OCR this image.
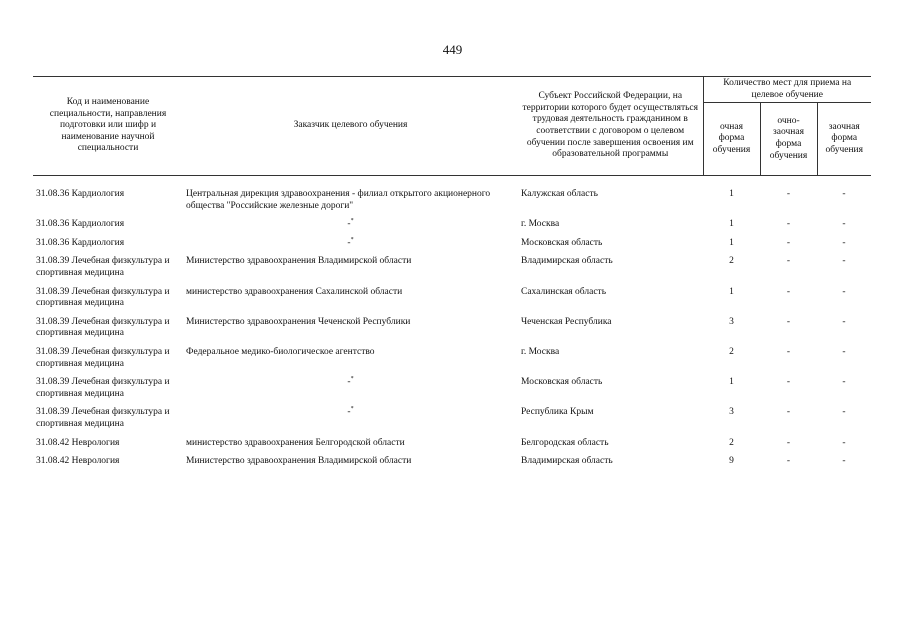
449
Код и наименование специальности, направления подготовки или шифр и наименование научной специальности	Заказчик целевого обучения	Субъект Российской Федерации, на территории которого будет осуществляться трудовая деятельность гражданином в соответствии с договором о целевом обучении после завершения освоения им образовательной программы	Количество мест для приема на целевое обучение		
			очная форма обучения	очно-заочная форма обучения	заочная форма обучения
31.08.36 Кардиология	Центральная дирекция здравоохранения - филиал открытого акционерного общества "Российские железные дороги"	Калужская область	1	-	-
31.08.36 Кардиология	-*	г. Москва	1	-	-
31.08.36 Кардиология	-*	Московская область	1	-	-
31.08.39 Лечебная физкультура и спортивная медицина	Министерство здравоохранения Владимирской области	Владимирская область	2	-	-
31.08.39 Лечебная физкультура и спортивная медицина	министерство здравоохранения Сахалинской области	Сахалинская область	1	-	-
31.08.39 Лечебная физкультура и спортивная медицина	Министерство здравоохранения Чеченской Республики	Чеченская Республика	3	-	-
31.08.39 Лечебная физкультура и спортивная медицина	Федеральное медико-биологическое агентство	г. Москва	2	-	-
31.08.39 Лечебная физкультура и спортивная медицина	-*	Московская область	1	-	-
31.08.39 Лечебная физкультура и спортивная медицина	-*	Республика Крым	3	-	-
31.08.42 Неврология	министерство здравоохранения Белгородской области	Белгородская область	2	-	-
31.08.42 Неврология	Министерство здравоохранения Владимирской области	Владимирская область	9	-	-
